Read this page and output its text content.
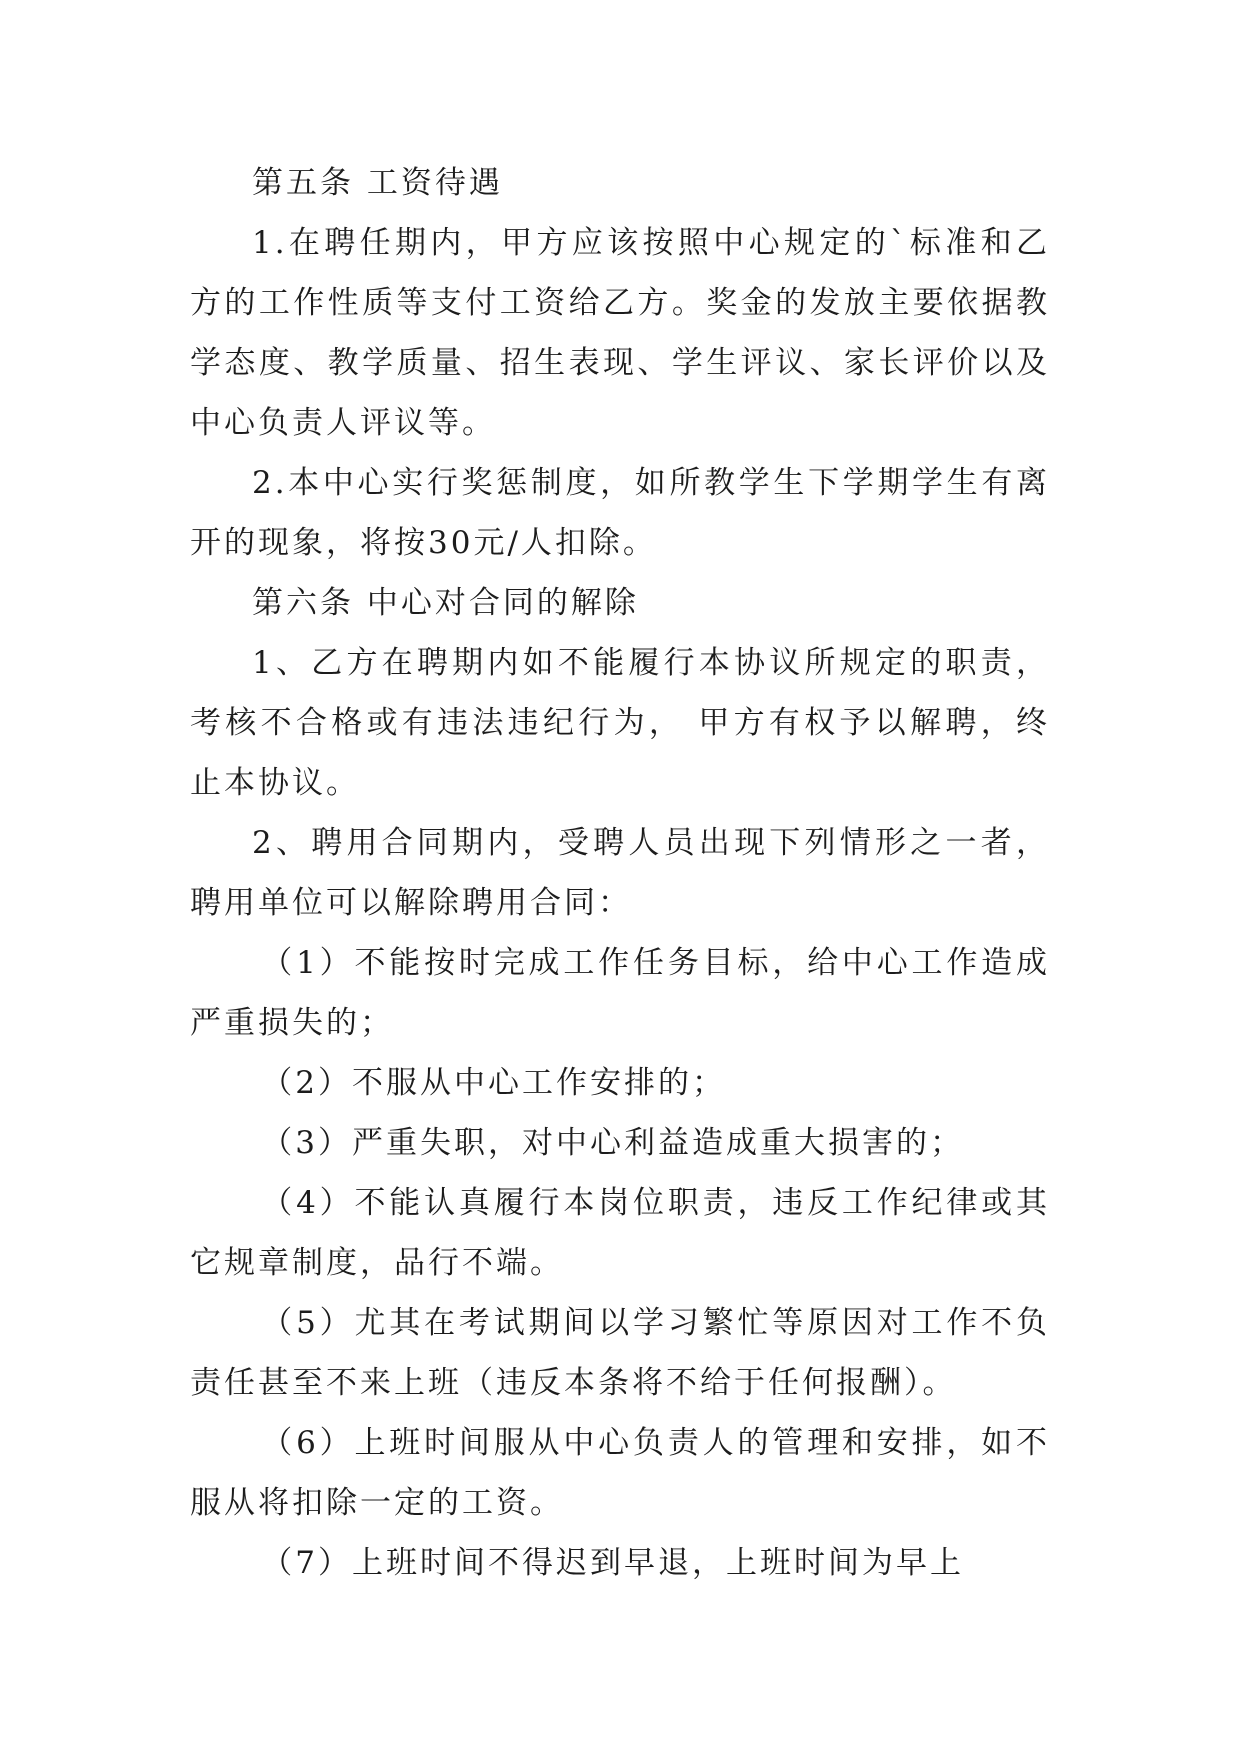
第五条 工资待遇

1.在聘任期内，甲方应该按照中心规定的`标准和乙方的工作性质等支付工资给乙方。奖金的发放主要依据教学态度、教学质量、招生表现、学生评议、家长评价以及中心负责人评议等。

2.本中心实行奖惩制度，如所教学生下学期学生有离开的现象，将按30元/人扣除。

第六条 中心对合同的解除

1、乙方在聘期内如不能履行本协议所规定的职责，考核不合格或有违法违纪行为， 甲方有权予以解聘，终止本协议。

2、聘用合同期内，受聘人员出现下列情形之一者，聘用单位可以解除聘用合同：

（1）不能按时完成工作任务目标，给中心工作造成严重损失的；

（2）不服从中心工作安排的；

（3）严重失职，对中心利益造成重大损害的；

（4）不能认真履行本岗位职责，违反工作纪律或其它规章制度，品行不端。

（5）尤其在考试期间以学习繁忙等原因对工作不负责任甚至不来上班（违反本条将不给于任何报酬）。

（6）上班时间服从中心负责人的管理和安排，如不服从将扣除一定的工资。

（7）上班时间不得迟到早退，上班时间为早上
